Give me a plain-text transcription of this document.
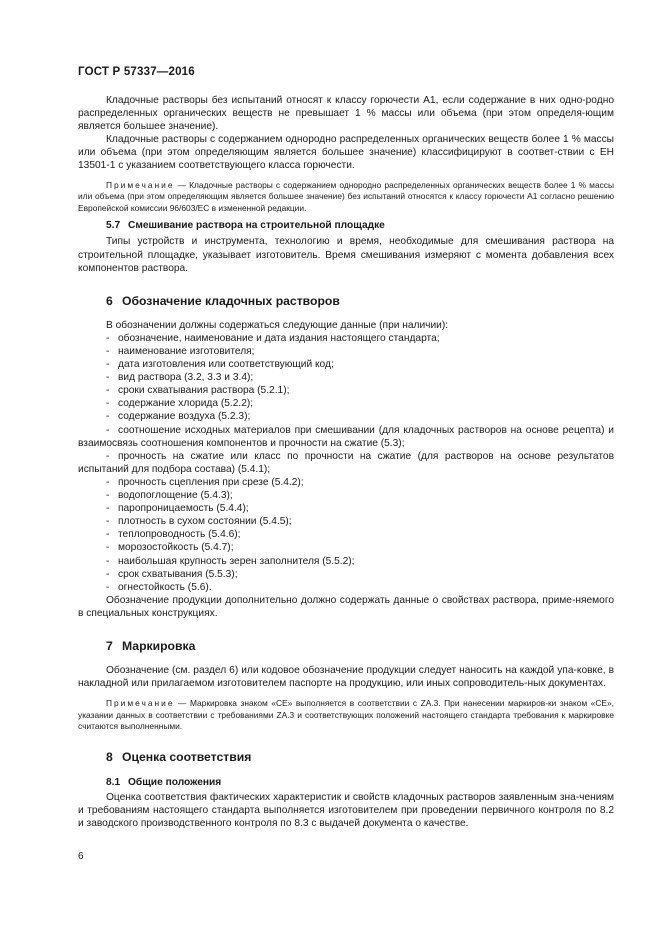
ГОСТ Р 57337—2016

Кладочные растворы без испытаний относят к классу горючести А1, если содержание в них одно-родно распределенных органических веществ не превышает 1 % массы или объема (при этом определя-ющим является большее значение).

Кладочные растворы с содержанием однородно распределенных органических веществ более 1 % массы или объема (при этом определяющим является большее значение) классифицируют в соответ-ствии с ЕН 13501-1 с указанием соответствующего класса горючести.

Примечание — Кладочные растворы с содержанием однородно распределенных органических веществ более 1 % массы или объема (при этом определяющим является большее значение) без испытаний относятся к классу горючести А1 согласно решению Европейской комиссии 96/603/ЕС в измененной редакции.

5.7 Смешивание раствора на строительной площадке

Типы устройств и инструмента, технологию и время, необходимые для смешивания раствора на строительной площадке, указывает изготовитель. Время смешивания измеряют с момента добавления всех компонентов раствора.

6 Обозначение кладочных растворов

В обозначении должны содержаться следующие данные (при наличии):

- обозначение, наименование и дата издания настоящего стандарта;
- наименование изготовителя;
- дата изготовления или соответствующий код;
- вид раствора (3.2, 3.3 и 3.4);
- сроки схватывания раствора (5.2.1);
- содержание хлорида (5.2.2);
- содержание воздуха (5.2.3);
- соотношение исходных материалов при смешивании (для кладочных растворов на основе рецепта) и взаимосвязь соотношения компонентов и прочности на сжатие (5.3);
- прочность на сжатие или класс по прочности на сжатие (для растворов на основе результатов испытаний для подбора состава) (5.4.1);
- прочность сцепления при срезе (5.4.2);
- водопоглощение (5.4.3);
- паропроницаемость (5.4.4);
- плотность в сухом состоянии (5.4.5);
- теплопроводность (5.4.6);
- морозостойкость (5.4.7);
- наибольшая крупность зерен заполнителя (5.5.2);
- срок схватывания (5.5.3);
- огнестойкость (5.6).

Обозначение продукции дополнительно должно содержать данные о свойствах раствора, приме-няемого в специальных конструкциях.

7 Маркировка

Обозначение (см. раздел 6) или кодовое обозначение продукции следует наносить на каждой упа-ковке, в накладной или прилагаемом изготовителем паспорте на продукцию, или иных сопроводитель-ных документах.

Примечание — Маркировка знаком «СЕ» выполняется в соответствии с ZA.3. При нанесении маркиров-ки знаком «СЕ», указании данных в соответствии с требованиями ZA.3 и соответствующих положений настоящего стандарта требования к маркировке считаются выполненными.

8 Оценка соответствия

8.1 Общие положения

Оценка соответствия фактических характеристик и свойств кладочных растворов заявленным зна-чениям и требованиям настоящего стандарта выполняется изготовителем при проведении первичного контроля по 8.2 и заводского производственного контроля по 8.3 с выдачей документа о качестве.

6
